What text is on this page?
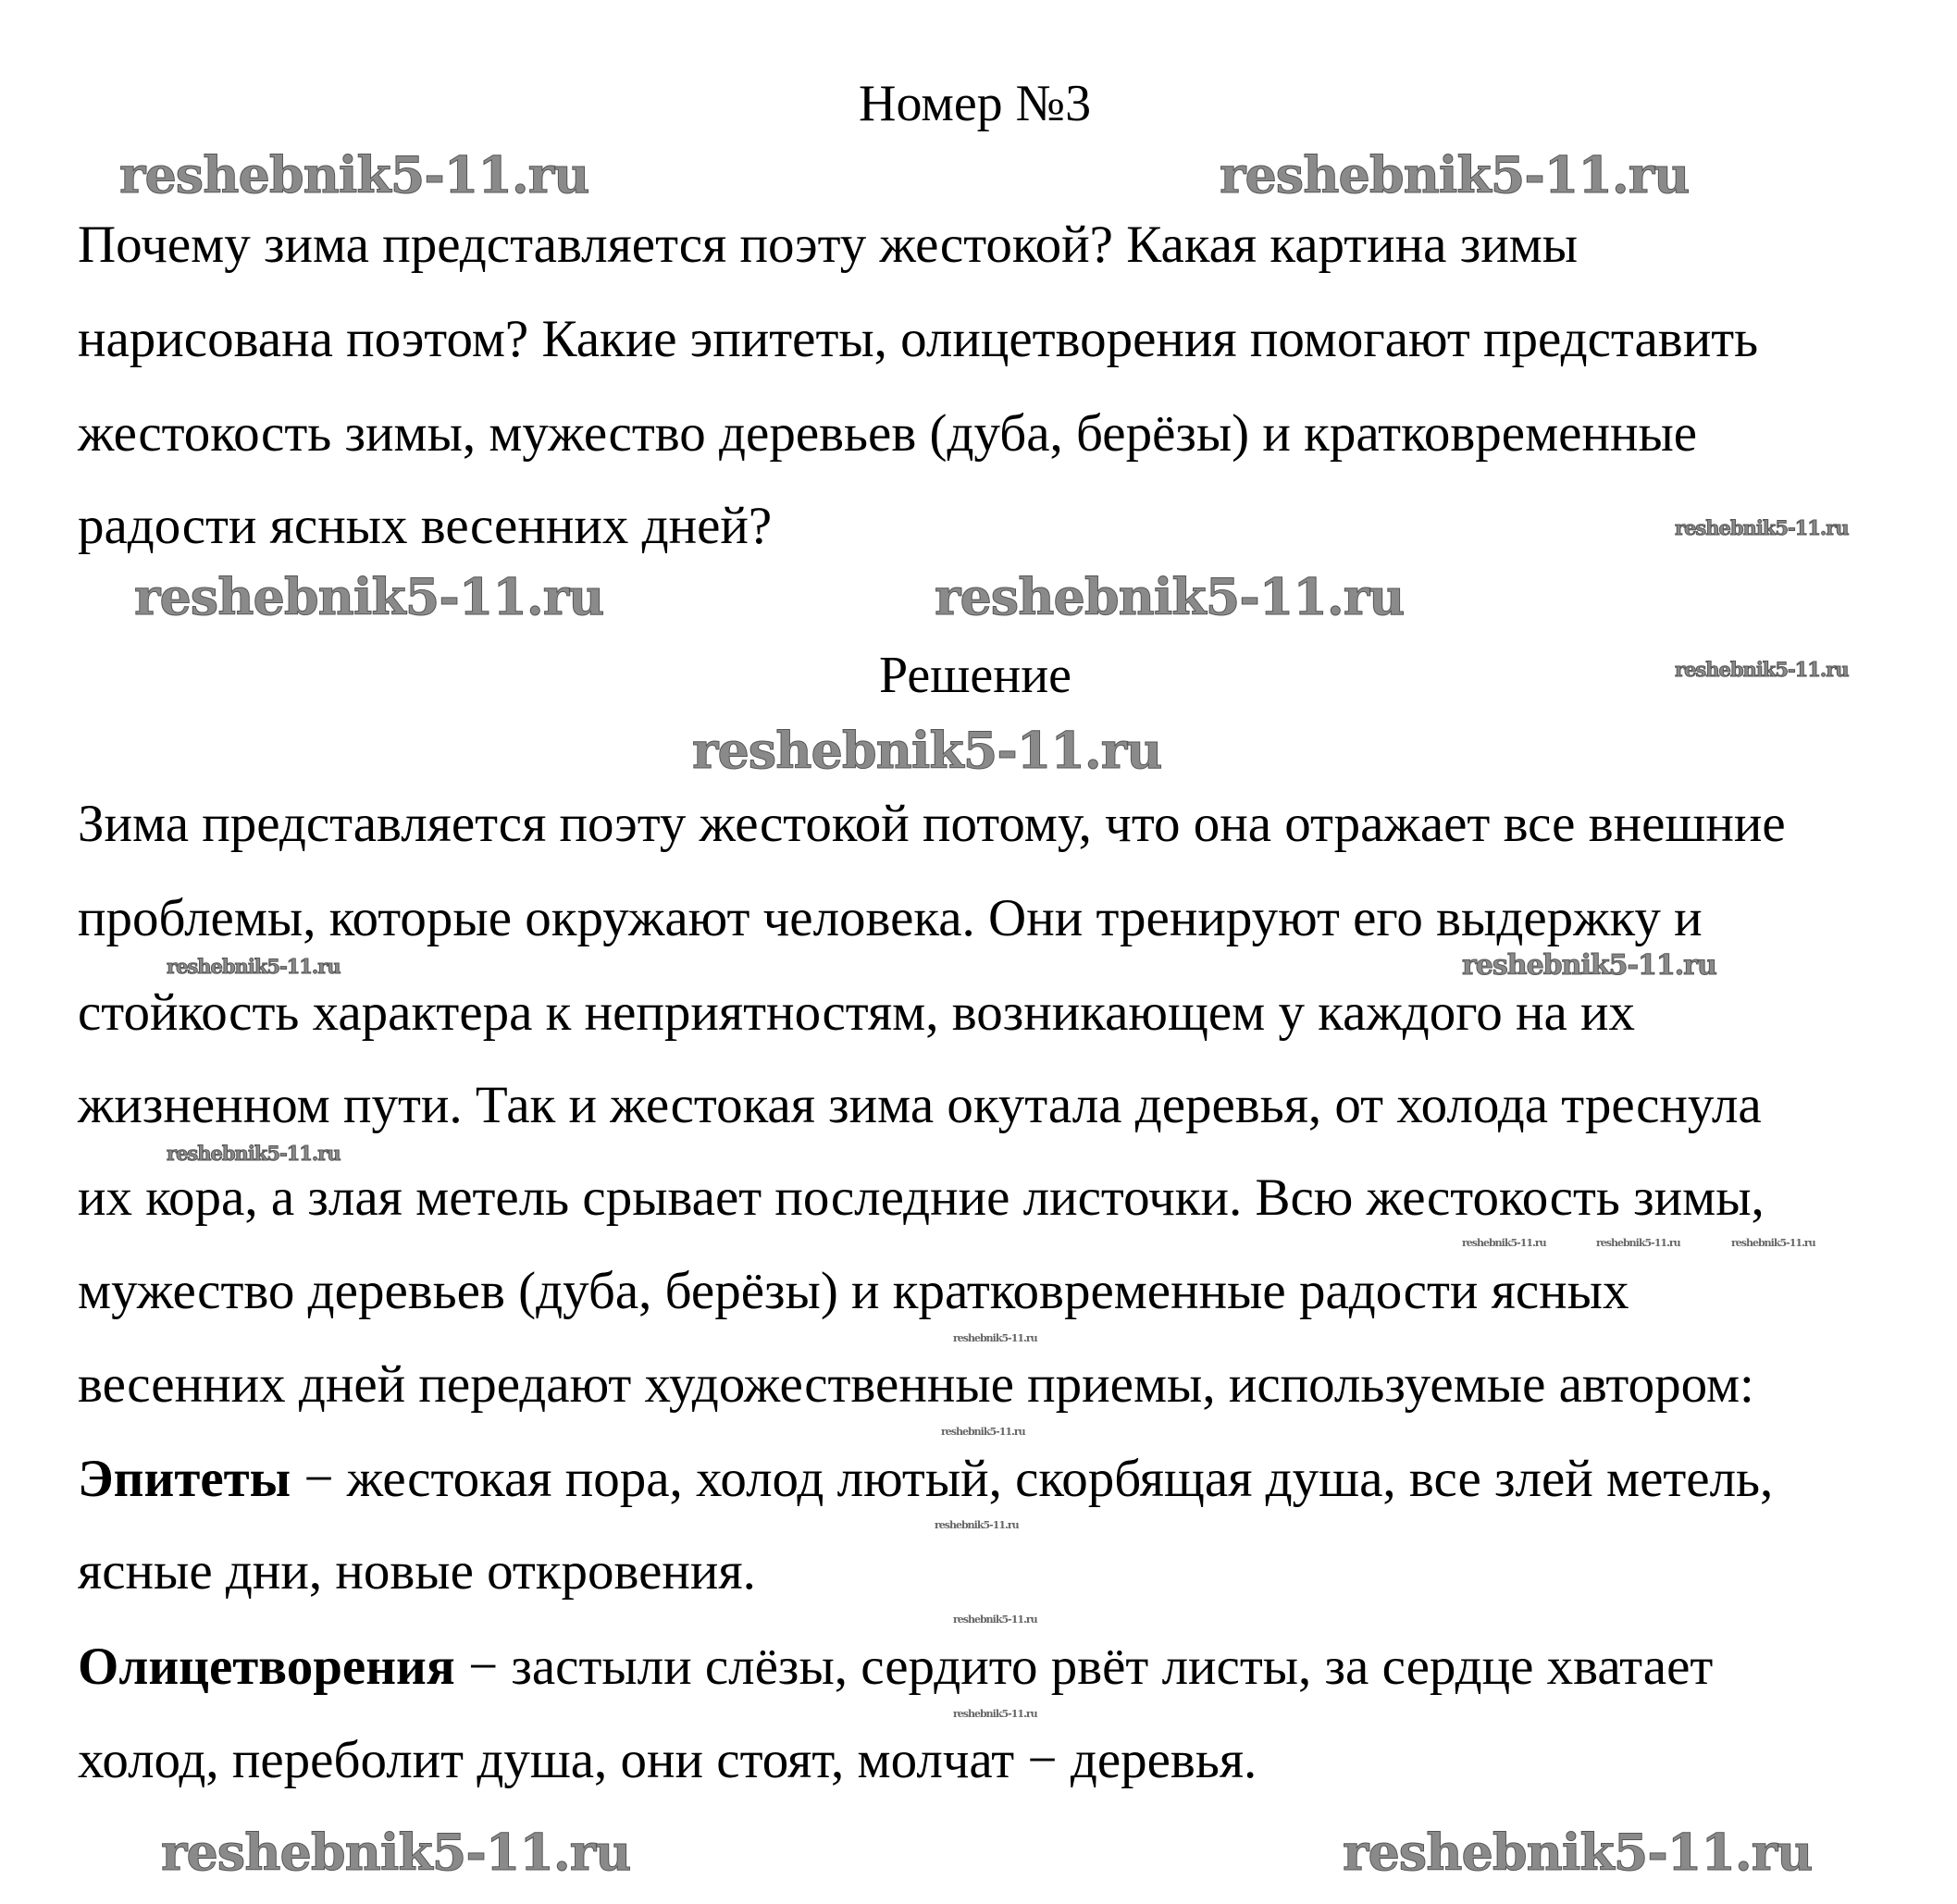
Номер №3
Почему зима представляется поэту жестокой? Какая картина зимы
нарисована поэтом? Какие эпитеты, олицетворения помогают представить
жестокость зимы, мужество деревьев (дуба, берёзы) и кратковременные
радости ясных весенних дней?
Решение
Зима представляется поэту жестокой потому, что она отражает все внешние
проблемы, которые окружают человека. Они тренируют его выдержку и
стойкость характера к неприятностям, возникающем у каждого на их
жизненном пути. Так и жестокая зима окутала деревья, от холода треснула
их кора, а злая метель срывает последние листочки. Всю жестокость зимы,
мужество деревьев (дуба, берёзы) и кратковременные радости ясных
весенних дней передают художественные приемы, используемые автором:
Эпитеты − жестокая пора, холод лютый, скорбящая душа, все злей метель,
ясные дни, новые откровения.
Олицетворения − застыли слёзы, сердито рвёт листы, за сердце хватает
холод, переболит душа, они стоят, молчат − деревья.
reshebnik5-11.ru	reshebnik5-11.ru
reshebnik5-11.ru	reshebnik5-11.ru
reshebnik5-11.ru
reshebnik5-11.ru	reshebnik5-11.ru
reshebnik5-11.ru
reshebnik5-11.ru
reshebnik5-11.ru
reshebnik5-11.ru
reshebnik5-11.ru
reshebnik5-11.ru	reshebnik5-11.ru	reshebnik5-11.ru
reshebnik5-11.ru
reshebnik5-11.ru
reshebnik5-11.ru
reshebnik5-11.ru
reshebnik5-11.ru
